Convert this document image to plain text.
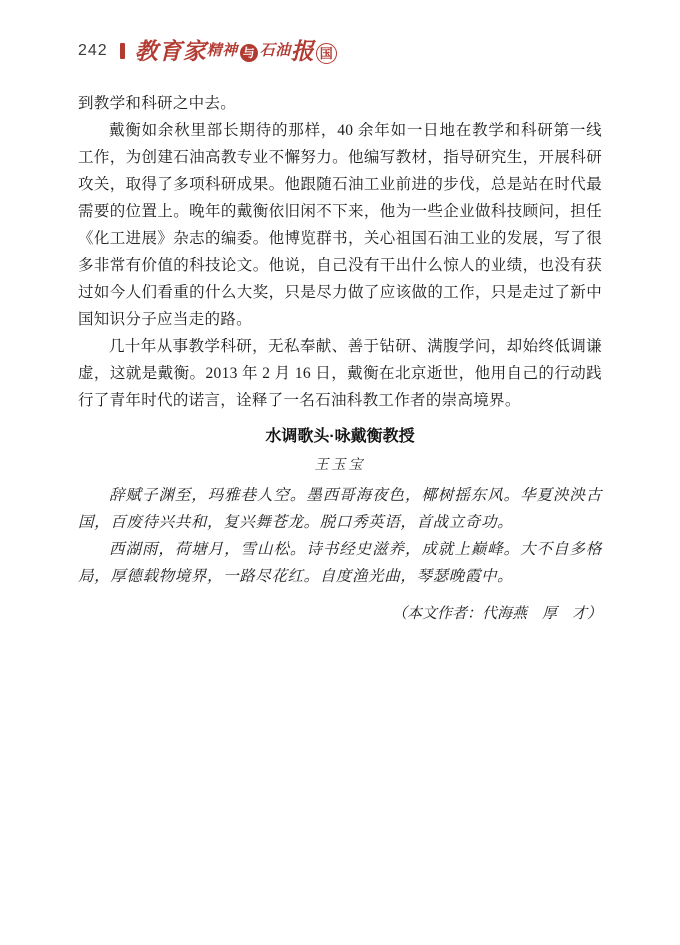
242 教育家 精神 与 石油 报 国

到教学和科研之中去。

戴衡如余秋里部长期待的那样，40 余年如一日地在教学和科研第一线工作，为创建石油高教专业不懈努力。他编写教材，指导研究生，开展科研攻关，取得了多项科研成果。他跟随石油工业前进的步伐，总是站在时代最需要的位置上。晚年的戴衡依旧闲不下来，他为一些企业做科技顾问，担任《化工进展》杂志的编委。他博览群书，关心祖国石油工业的发展，写了很多非常有价值的科技论文。他说，自己没有干出什么惊人的业绩，也没有获过如今人们看重的什么大奖，只是尽力做了应该做的工作，只是走过了新中国知识分子应当走的路。

几十年从事教学科研，无私奉献、善于钻研、满腹学问，却始终低调谦虚，这就是戴衡。2013 年 2 月 16 日，戴衡在北京逝世，他用自己的行动践行了青年时代的诺言，诠释了一名石油科教工作者的崇高境界。

水调歌头·咏戴衡教授
王玉宝

辞赋子渊至，玛雅巷人空。墨西哥海夜色，椰树摇东风。华夏泱泱古国，百废待兴共和，复兴舞苍龙。脱口秀英语，首战立奇功。

西湖雨，荷塘月，雪山松。诗书经史滋养，成就上巅峰。大不自多格局，厚德载物境界，一路尽花红。自度渔光曲，琴瑟晚霞中。

（本文作者：代海燕　厚　才）
